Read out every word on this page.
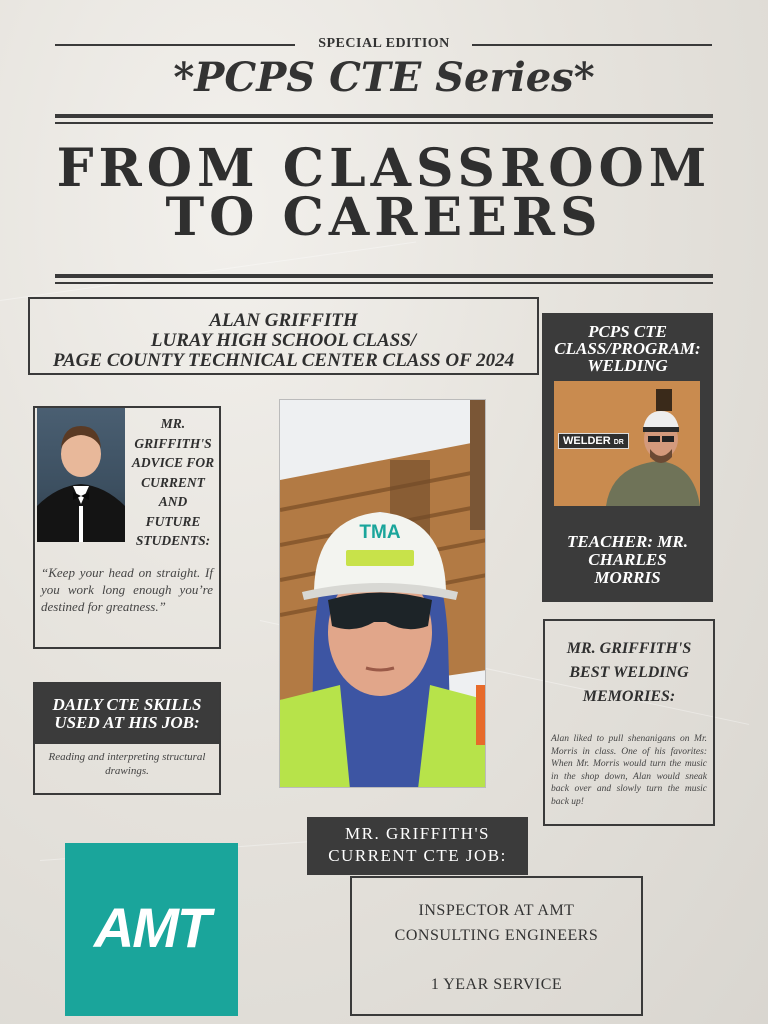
SPECIAL EDITION
*PCPS CTE Series*
FROM CLASSROOM
TO CAREERS
ALAN GRIFFITH
LURAY HIGH SCHOOL CLASS/
PAGE COUNTY TECHNICAL CENTER CLASS OF 2024
MR.
GRIFFITH'S
ADVICE FOR
CURRENT
AND
FUTURE
STUDENTS:
“Keep your head on straight. If you work long enough you’re destined for greatness.”
DAILY CTE SKILLS
USED AT HIS JOB:
Reading and interpreting structural drawings.
TMA
PCPS CTE
CLASS/PROGRAM:
WELDING
WELDER DR
TEACHER: MR.
CHARLES
MORRIS
MR. GRIFFITH'S
BEST WELDING
MEMORIES:
Alan liked to pull shenanigans on Mr. Morris in class. One of his favorites: When Mr. Morris would turn the music in the shop down, Alan would sneak back over and slowly turn the music back up!
MR. GRIFFITH'S
CURRENT CTE JOB:
INSPECTOR AT AMT
CONSULTING ENGINEERS
1 YEAR SERVICE
AMT
